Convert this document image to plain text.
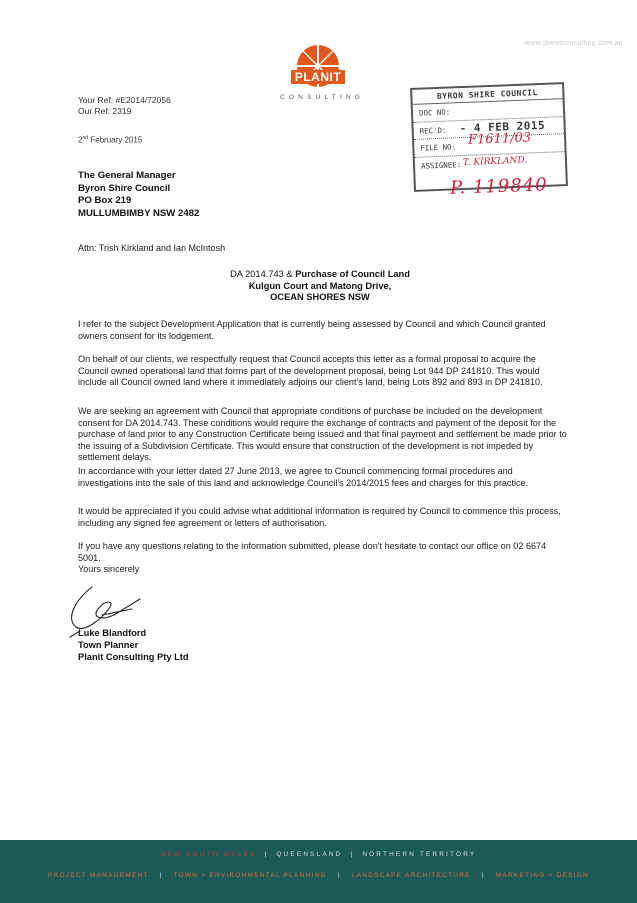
www.planitconsulting.com.au
PLANIT
CONSULTING
Your Ref: #E2014/72056
Our Ref: 2319
2nd February 2015
BYRON SHIRE COUNCIL
DOC NO:
REC'D: - 4 FEB 2015
FILE NO: F1611/03
ASSIGNEE: T. KIRKLAND.
P. 119840
The General Manager
Byron Shire Council
PO Box 219
MULLUMBIMBY NSW 2482
Attn: Trish Kirkland and Ian McIntosh
DA 2014.743 & Purchase of Council Land
Kulgun Court and Matong Drive,
OCEAN SHORES NSW
I refer to the subject Development Application that is currently being assessed by Council and which Council granted owners consent for its lodgement.
On behalf of our clients, we respectfully request that Council accepts this letter as a formal proposal to acquire the Council owned operational land that forms part of the development proposal, being Lot 944 DP 241810. This would include all Council owned land where it immediately adjoins our client's land, being Lots 892 and 893 in DP 241810.
We are seeking an agreement with Council that appropriate conditions of purchase be included on the development consent for DA 2014.743. These conditions would require the exchange of contracts and payment of the deposit for the purchase of land prior to any Construction Certificate being issued and that final payment and settlement be made prior to the issuing of a Subdivision Certificate. This would ensure that construction of the development is not impeded by settlement delays.
In accordance with your letter dated 27 June 2013, we agree to Council commencing formal procedures and investigations into the sale of this land and acknowledge Council's 2014/2015 fees and charges for this practice.
It would be appreciated if you could advise what additional information is required by Council to commence this process, including any signed fee agreement or letters of authorisation.
If you have any questions relating to the information submitted, please don't hesitate to contact our office on 02 6674 5001.
Yours sincerely
Luke Blandford
Town Planner
Planit Consulting Pty Ltd
NEW SOUTH WALES | QUEENSLAND | NORTHERN TERRITORY
PROJECT MANAGEMENT | TOWN + ENVIRONMENTAL PLANNING | LANDSCAPE ARCHITECTURE | MARKETING + DESIGN
